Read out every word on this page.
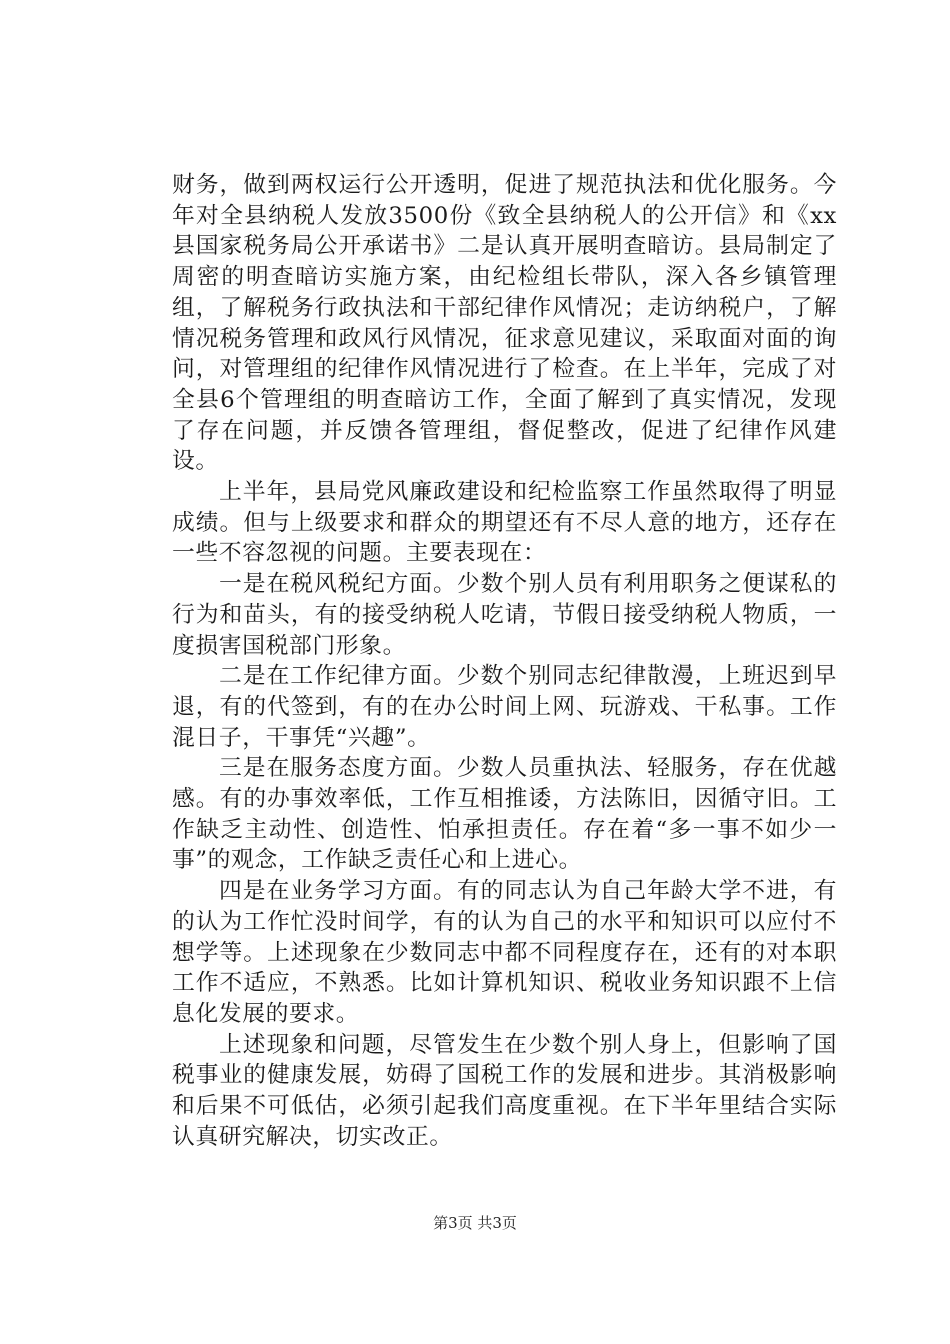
财务，做到两权运行公开透明，促进了规范执法和优化服务。今年对全县纳税人发放3500份《致全县纳税人的公开信》和《xx县国家税务局公开承诺书》二是认真开展明查暗访。县局制定了周密的明查暗访实施方案，由纪检组长带队，深入各乡镇管理组，了解税务行政执法和干部纪律作风情况；走访纳税户，了解情况税务管理和政风行风情况，征求意见建议，采取面对面的询问，对管理组的纪律作风情况进行了检查。在上半年，完成了对全县6个管理组的明查暗访工作，全面了解到了真实情况，发现了存在问题，并反馈各管理组，督促整改，促进了纪律作风建设。

上半年，县局党风廉政建设和纪检监察工作虽然取得了明显成绩。但与上级要求和群众的期望还有不尽人意的地方，还存在一些不容忽视的问题。主要表现在：

一是在税风税纪方面。少数个别人员有利用职务之便谋私的行为和苗头，有的接受纳税人吃请，节假日接受纳税人物质，一度损害国税部门形象。

二是在工作纪律方面。少数个别同志纪律散漫，上班迟到早退，有的代签到，有的在办公时间上网、玩游戏、干私事。工作混日子，干事凭“兴趣”。

三是在服务态度方面。少数人员重执法、轻服务，存在优越感。有的办事效率低，工作互相推诿，方法陈旧，因循守旧。工作缺乏主动性、创造性、怕承担责任。存在着“多一事不如少一事”的观念，工作缺乏责任心和上进心。

四是在业务学习方面。有的同志认为自己年龄大学不进，有的认为工作忙没时间学，有的认为自己的水平和知识可以应付不想学等。上述现象在少数同志中都不同程度存在，还有的对本职工作不适应，不熟悉。比如计算机知识、税收业务知识跟不上信息化发展的要求。

上述现象和问题，尽管发生在少数个别人身上，但影响了国税事业的健康发展，妨碍了国税工作的发展和进步。其消极影响和后果不可低估，必须引起我们高度重视。在下半年里结合实际认真研究解决，切实改正。

第3页 共3页
